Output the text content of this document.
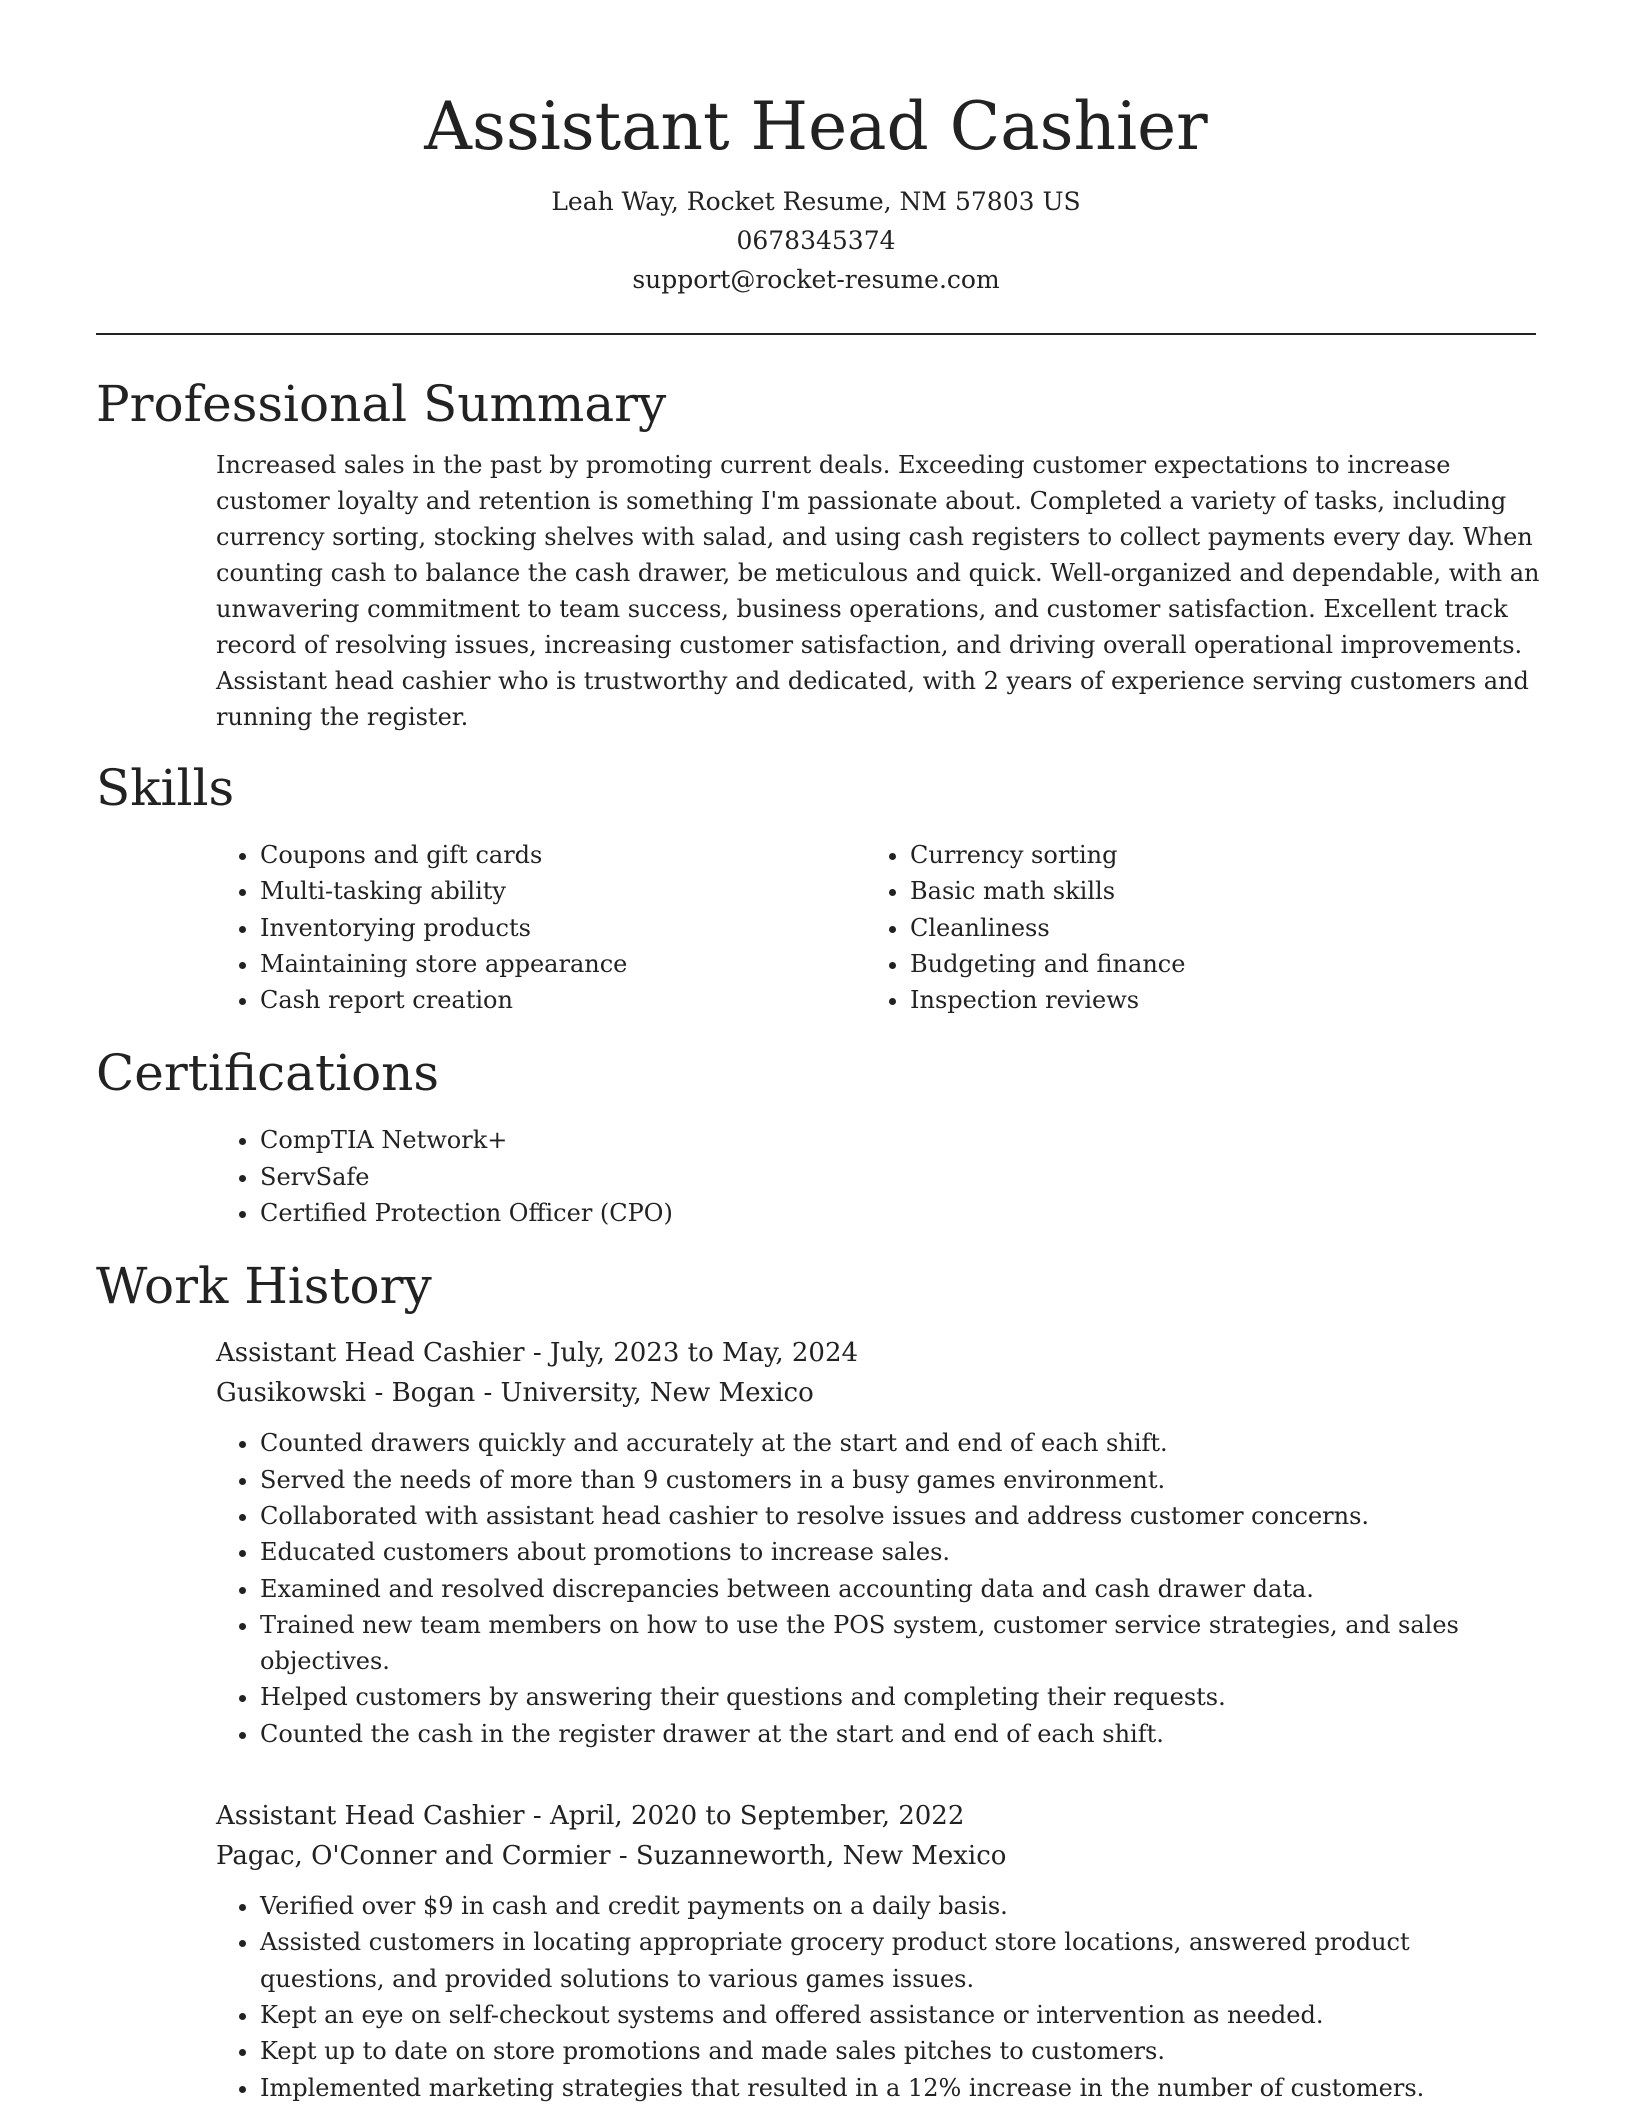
Assistant Head Cashier

Leah Way, Rocket Resume, NM 57803 US

0678345374

support@rocket-resume.com

Professional Summary

Increased sales in the past by promoting current deals. Exceeding customer expectations to increase customer loyalty and retention is something I'm passionate about. Completed a variety of tasks, including currency sorting, stocking shelves with salad, and using cash registers to collect payments every day. When counting cash to balance the cash drawer, be meticulous and quick. Well-organized and dependable, with an unwavering commitment to team success, business operations, and customer satisfaction. Excellent track record of resolving issues, increasing customer satisfaction, and driving overall operational improvements. Assistant head cashier who is trustworthy and dedicated, with 2 years of experience serving customers and running the register.

Skills
• Coupons and gift cards
• Multi-tasking ability
• Inventorying products
• Maintaining store appearance
• Cash report creation
• Currency sorting
• Basic math skills
• Cleanliness
• Budgeting and finance
• Inspection reviews
Certifications
• CompTIA Network+
• ServSafe
• Certified Protection Officer (CPO)
Work History

Assistant Head Cashier - July, 2023 to May, 2024

Gusikowski - Bogan - University, New Mexico

• Counted drawers quickly and accurately at the start and end of each shift.
• Served the needs of more than 9 customers in a busy games environment.
• Collaborated with assistant head cashier to resolve issues and address customer concerns.
• Educated customers about promotions to increase sales.
• Examined and resolved discrepancies between accounting data and cash drawer data.
• Trained new team members on how to use the POS system, customer service strategies, and sales objectives.
• Helped customers by answering their questions and completing their requests.
• Counted the cash in the register drawer at the start and end of each shift.

Assistant Head Cashier - April, 2020 to September, 2022

Pagac, O'Conner and Cormier - Suzanneworth, New Mexico

• Verified over $9 in cash and credit payments on a daily basis.
• Assisted customers in locating appropriate grocery product store locations, answered product questions, and provided solutions to various games issues.
• Kept an eye on self-checkout systems and offered assistance or intervention as needed.
• Kept up to date on store promotions and made sales pitches to customers.
• Implemented marketing strategies that resulted in a 12% increase in the number of customers.
